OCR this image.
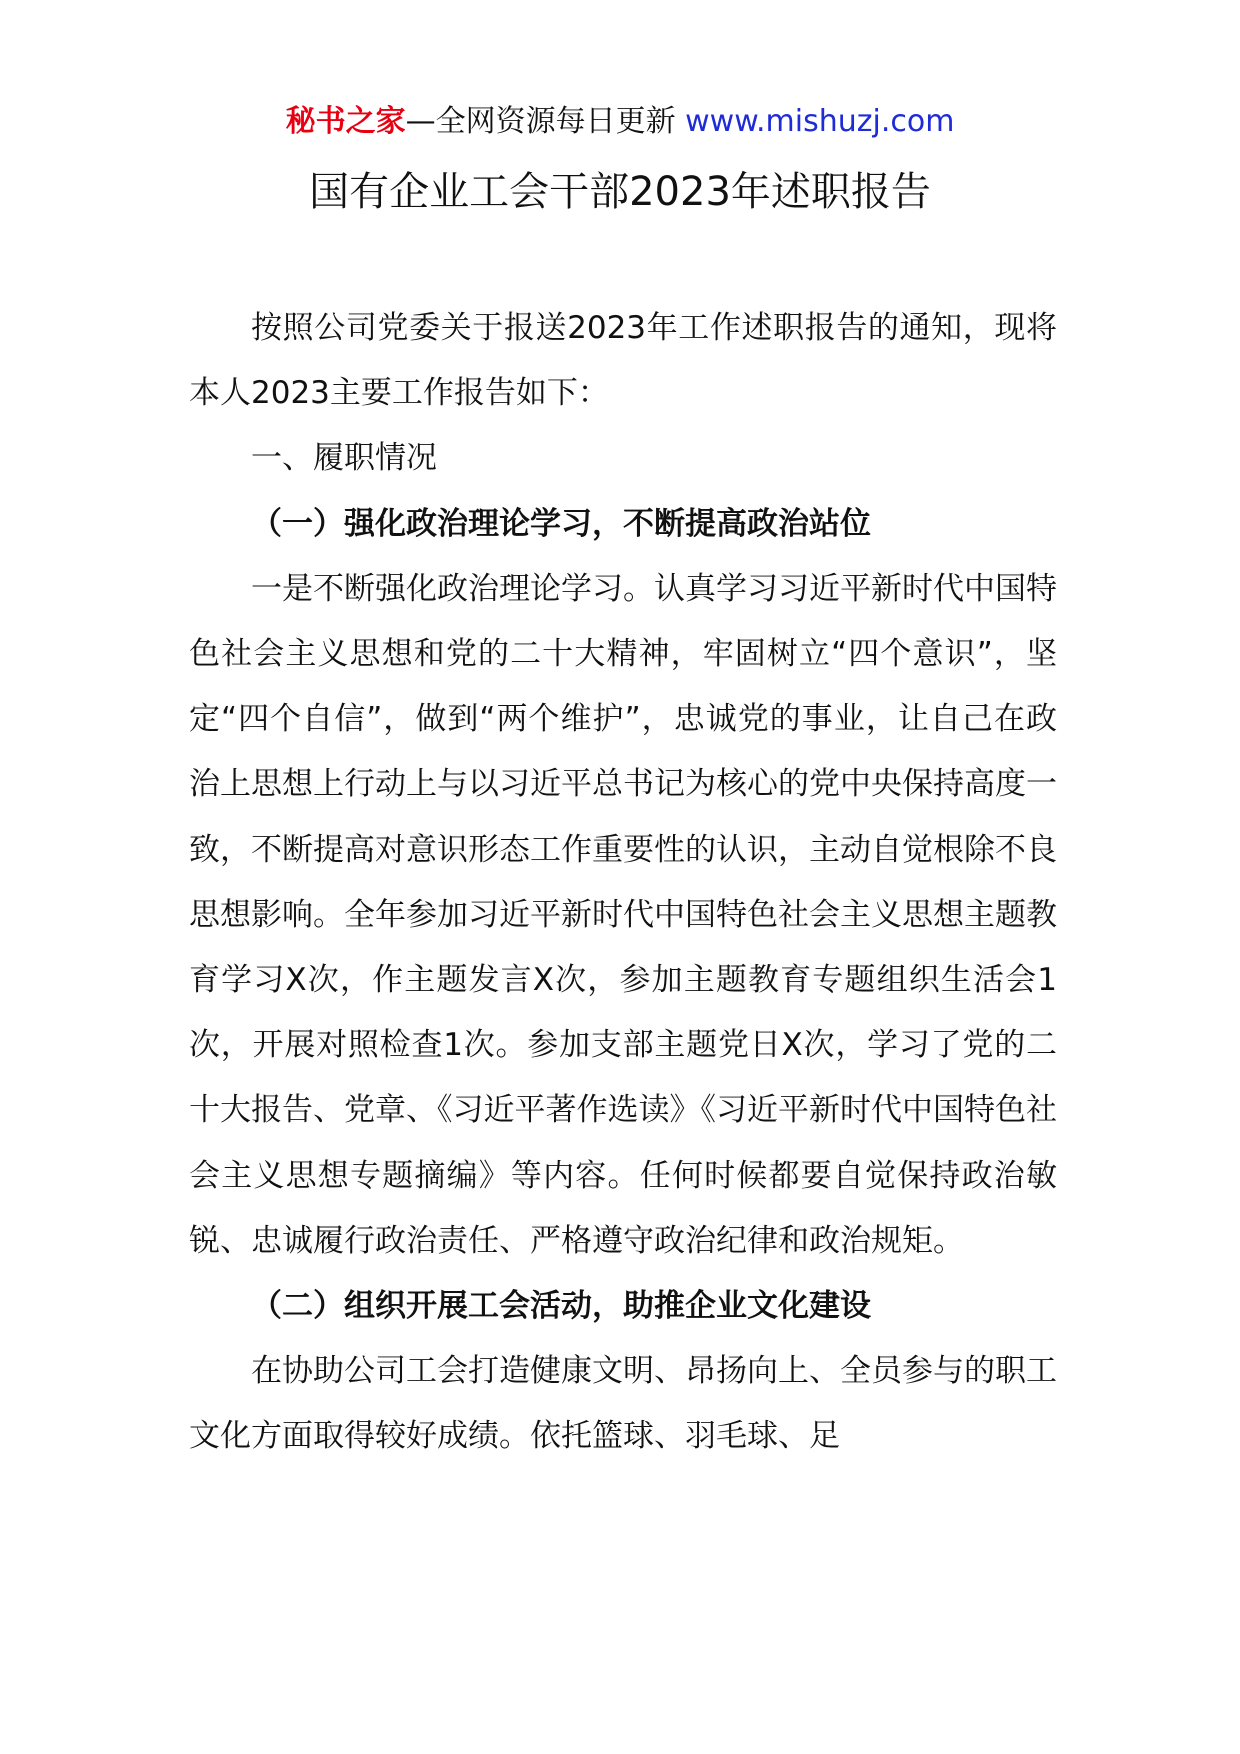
秘书之家—全网资源每日更新 www.mishuzj.com
国有企业工会干部2023年述职报告

按照公司党委关于报送2023年工作述职报告的通知，现将本人2023主要工作报告如下：

一、履职情况

（一）强化政治理论学习，不断提高政治站位

一是不断强化政治理论学习。认真学习习近平新时代中国特色社会主义思想和党的二十大精神，牢固树立“四个意识”，坚定“四个自信”，做到“两个维护”，忠诚党的事业，让自己在政治上思想上行动上与以习近平总书记为核心的党中央保持高度一致，不断提高对意识形态工作重要性的认识，主动自觉根除不良思想影响。全年参加习近平新时代中国特色社会主义思想主题教育学习X次，作主题发言X次，参加主题教育专题组织生活会1次，开展对照检查1次。参加支部主题党日X次，学习了党的二十大报告、党章、《习近平著作选读》《习近平新时代中国特色社会主义思想专题摘编》等内容。任何时候都要自觉保持政治敏锐、忠诚履行政治责任、严格遵守政治纪律和政治规矩。

（二）组织开展工会活动，助推企业文化建设

在协助公司工会打造健康文明、昂扬向上、全员参与的职工文化方面取得较好成绩。依托篮球、羽毛球、足
